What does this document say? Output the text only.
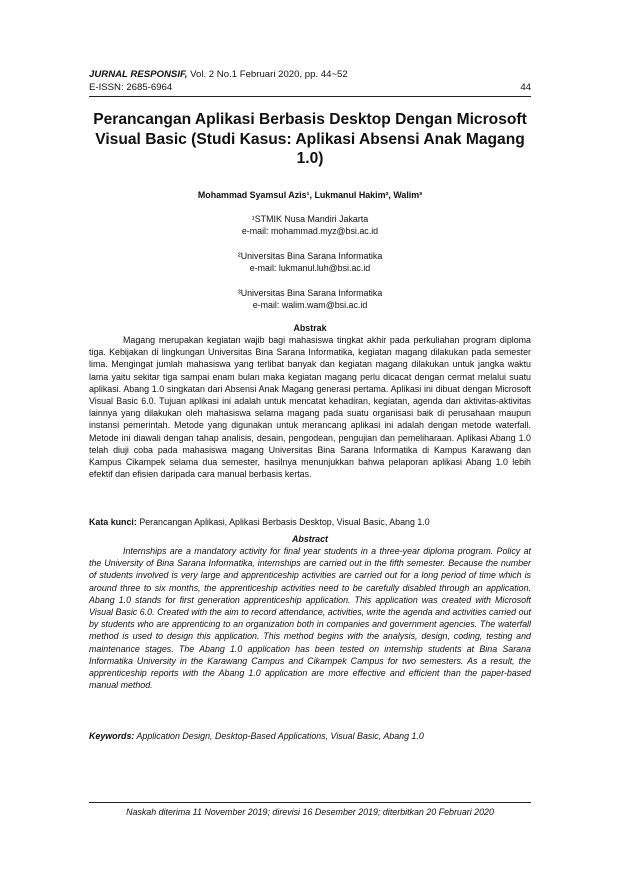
JURNAL RESPONSIF, Vol. 2 No.1 Februari 2020, pp. 44~52
E-ISSN: 2685-6964	44
Perancangan Aplikasi Berbasis Desktop Dengan Microsoft Visual Basic (Studi Kasus: Aplikasi Absensi Anak Magang 1.0)
Mohammad Syamsul Azis¹, Lukmanul Hakim², Walim³
¹STMIK Nusa Mandiri Jakarta
e-mail: mohammad.myz@bsi.ac.id
²Universitas Bina Sarana Informatika
e-mail: lukmanul.luh@bsi.ac.id
³Universitas Bina Sarana Informatika
e-mail: walim.wam@bsi.ac.id
Abstrak
Magang merupakan kegiatan wajib bagi mahasiswa tingkat akhir pada perkuliahan program diploma tiga. Kebijakan di lingkungan Universitas Bina Sarana Informatika, kegiatan magang dilakukan pada semester lima. Mengingat jumlah mahasiswa yang terlibat banyak dan kegiatan magang dilakukan untuk jangka waktu lama yaitu sekitar tiga sampai enam bulan maka kegiatan magang perlu dicacat dengan cermat melalui suatu aplikasi. Abang 1.0 singkatan dari Absensi Anak Magang generasi pertama. Aplikasi ini dibuat dengan Microsoft Visual Basic 6.0. Tujuan aplikasi ini adalah untuk mencatat kehadiran, kegiatan, agenda dan aktivitas-aktivitas lainnya yang dilakukan oleh mahasiswa selama magang pada suatu organisasi baik di perusahaan maupun instansi pemerintah. Metode yang digunakan untuk merancang aplikasi ini adalah dengan metode waterfall. Metode ini diawali dengan tahap analisis, desain, pengodean, pengujian dan pemeliharaan. Aplikasi Abang 1.0 telah diuji coba pada mahasiswa magang Universitas Bina Sarana Informatika di Kampus Karawang dan Kampus Cikampek selama dua semester, hasilnya menunjukkan bahwa pelaporan aplikasi Abang 1.0 lebih efektif dan efisien daripada cara manual berbasis kertas.
Kata kunci: Perancangan Aplikasi, Aplikasi Berbasis Desktop, Visual Basic, Abang 1.0
Abstract
Internships are a mandatory activity for final year students in a three-year diploma program. Policy at the University of Bina Sarana Informatika, internships are carried out in the fifth semester. Because the number of students involved is very large and apprenticeship activities are carried out for a long period of time which is around three to six months, the apprenticeship activities need to be carefully disabled through an application. Abang 1.0 stands for first generation apprenticeship application. This application was created with Microsoft Visual Basic 6.0. Created with the aim to record attendance, activities, write the agenda and activities carried out by students who are apprenticing to an organization both in companies and government agencies. The waterfall method is used to design this application. This method begins with the analysis, design, coding, testing and maintenance stages. The Abang 1.0 application has been tested on internship students at Bina Sarana Informatika University in the Karawang Campus and Cikampek Campus for two semesters. As a result, the apprenticeship reports with the Abang 1.0 application are more effective and efficient than the paper-based manual method.
Keywords: Application Design, Desktop-Based Applications, Visual Basic, Abang 1.0
Naskah diterima 11 November 2019; direvisi 16 Desember 2019; diterbitkan 20 Februari 2020
